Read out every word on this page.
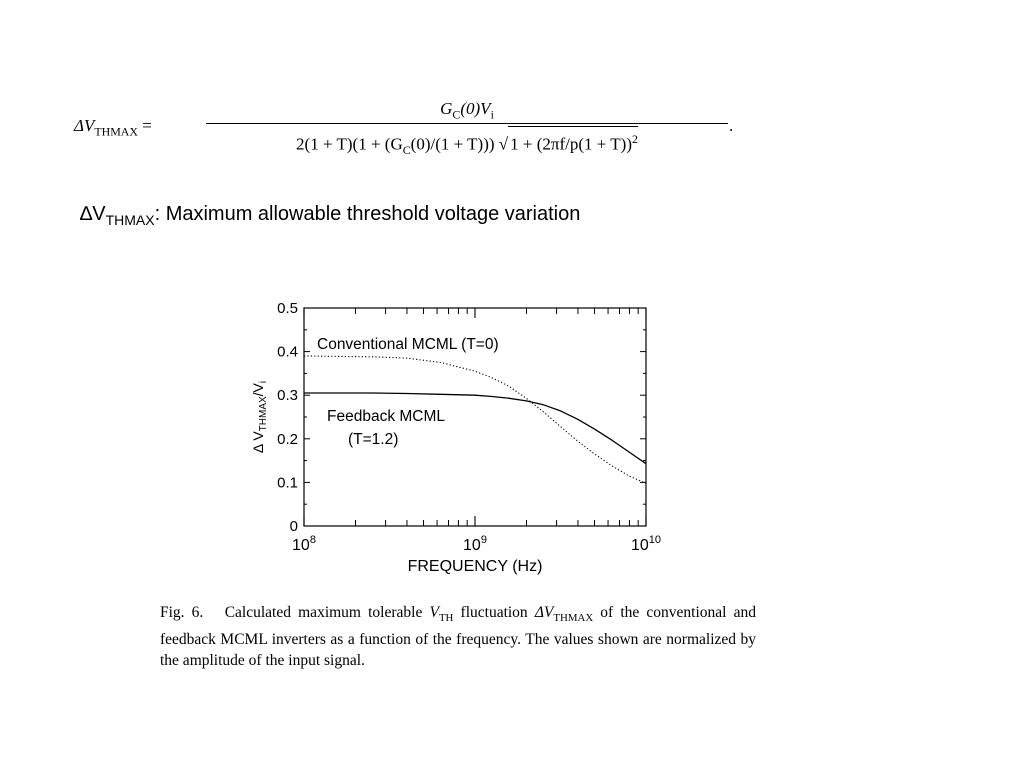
$\Delta V_{THMAX}$ =
$G_C(0)V_i$
$2(1 + T)(1 + (G_C(0)/(1 + T)))$ √ $1 + (2\pi f/p(1 + T))^2$
.
$\Delta V_{THMAX}$: Maximum allowable threshold voltage variation
0
0.1
0.2
0.3
0.4
0.5
$10^8$	$10^9$	$10^{10}$
Conventional MCML (T=0)
Feedback MCML
(T=1.2)
FREQUENCY (Hz)
Δ $V_{THMAX}/V_i$
Fig. 6. Calculated maximum tolerable $V_{TH}$ fluctuation $\Delta V_{THMAX}$ of the conventional and feedback MCML inverters as a function of the frequency. The values shown are normalized by the amplitude of the input signal.
